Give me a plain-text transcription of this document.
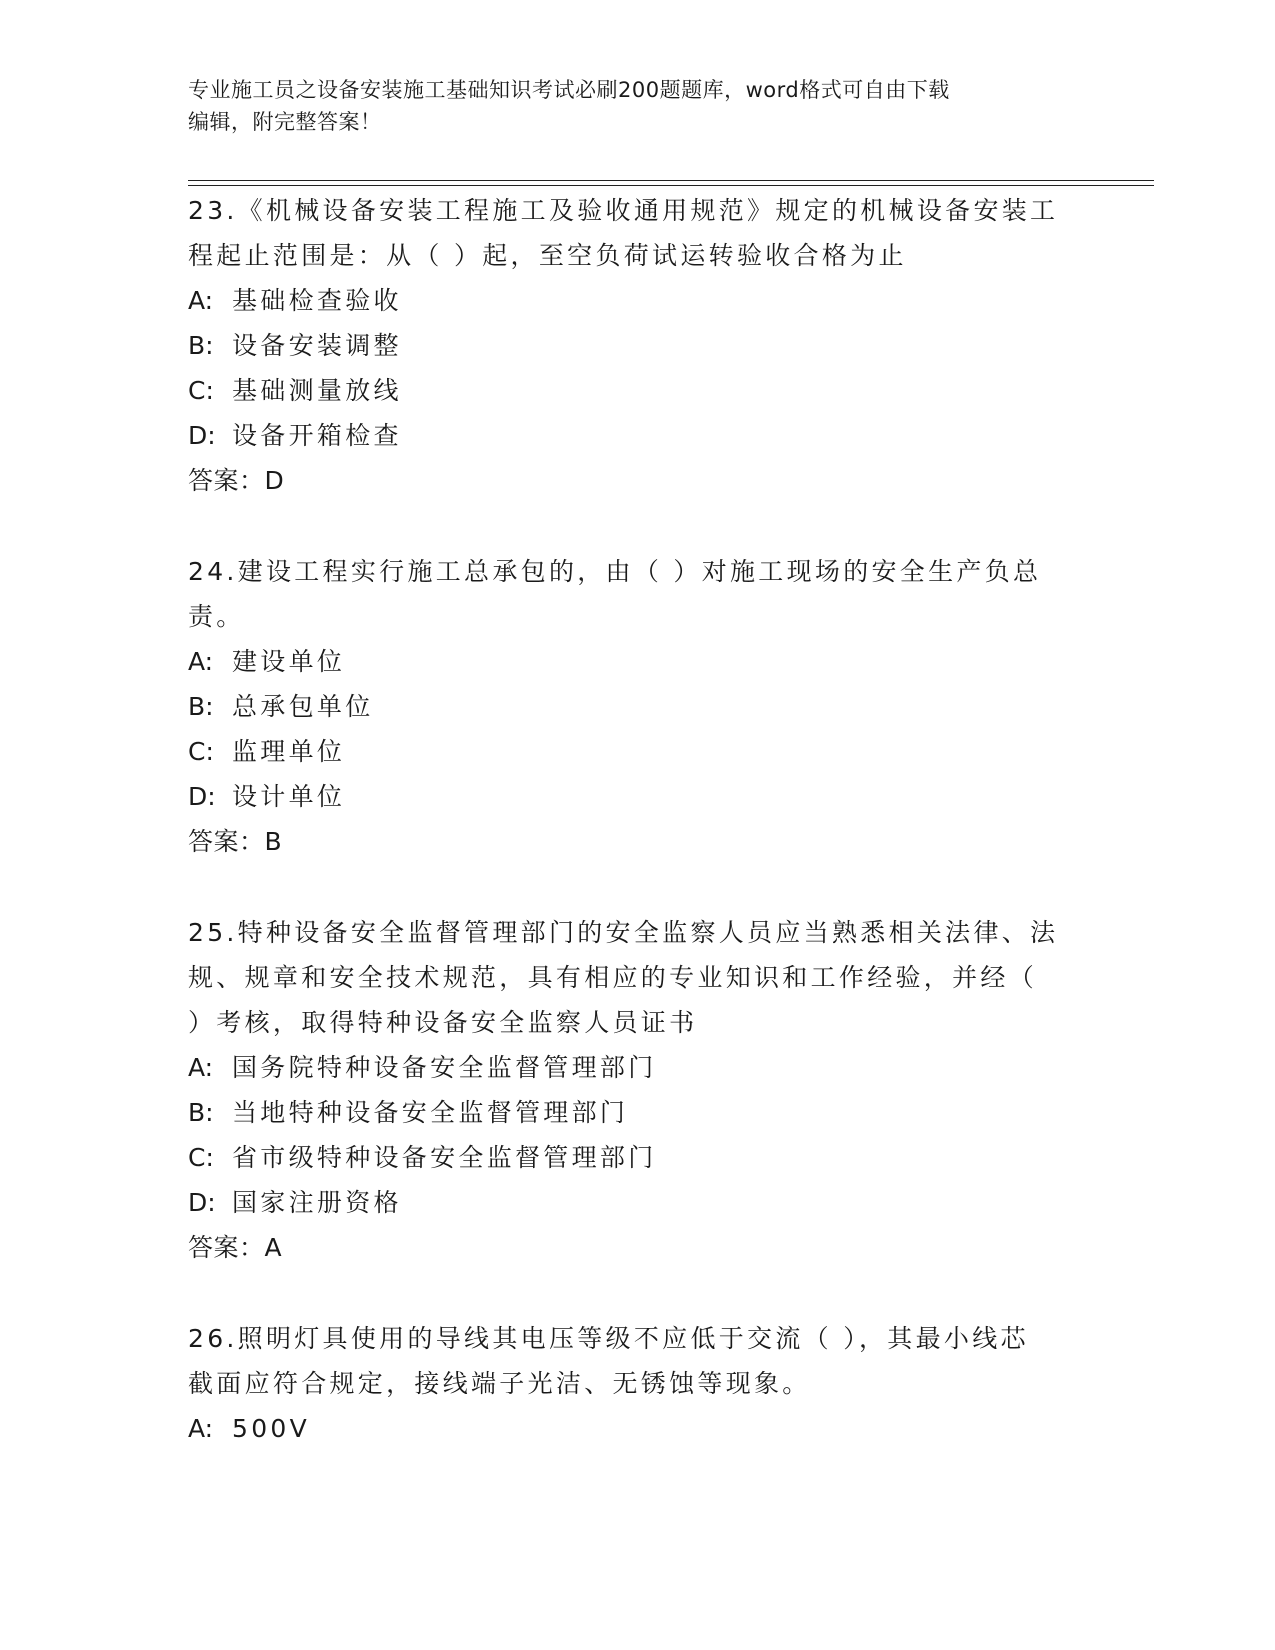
专业施工员之设备安装施工基础知识考试必刷200题题库，word格式可自由下载
编辑，附完整答案！
23.《机械设备安装工程施工及验收通用规范》规定的机械设备安装工
程起止范围是：从（ ）起，至空负荷试运转验收合格为止
A: 基础检查验收
B: 设备安装调整
C: 基础测量放线
D: 设备开箱检查
答案：D
24.建设工程实行施工总承包的，由（ ）对施工现场的安全生产负总
责。
A: 建设单位
B: 总承包单位
C: 监理单位
D: 设计单位
答案：B
25.特种设备安全监督管理部门的安全监察人员应当熟悉相关法律、法
规、规章和安全技术规范，具有相应的专业知识和工作经验，并经（
）考核，取得特种设备安全监察人员证书
A: 国务院特种设备安全监督管理部门
B: 当地特种设备安全监督管理部门
C: 省市级特种设备安全监督管理部门
D: 国家注册资格
答案：A
26.照明灯具使用的导线其电压等级不应低于交流（ ），其最小线芯
截面应符合规定，接线端子光洁、无锈蚀等现象。
A: 500V
